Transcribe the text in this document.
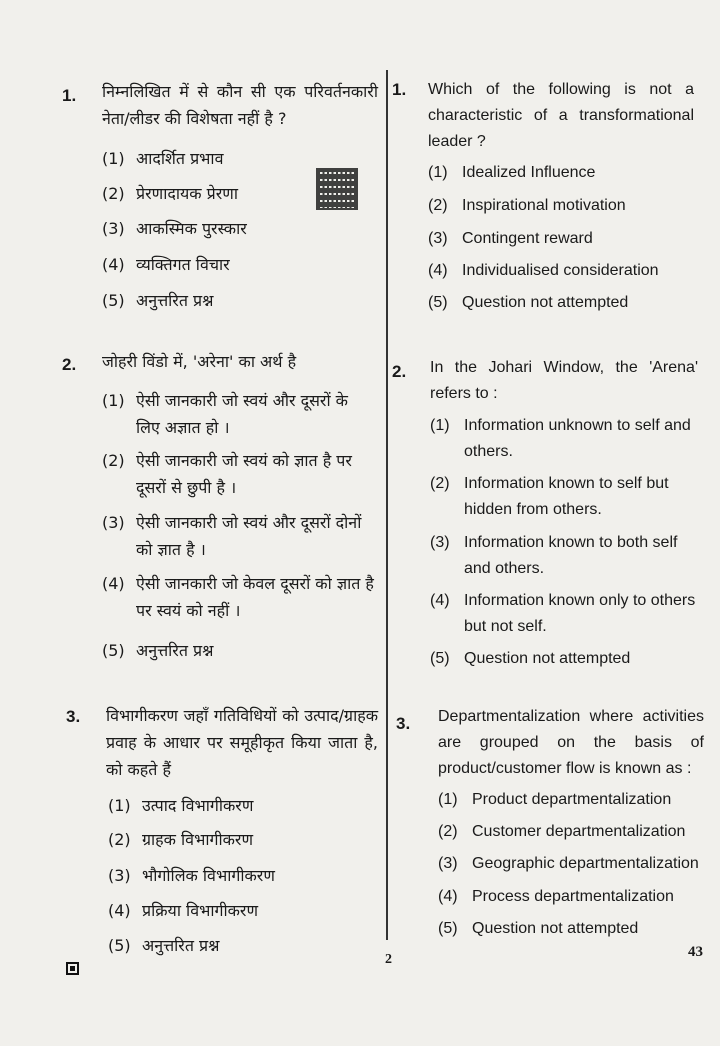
1. निम्नलिखित में से कौन सी एक परिवर्तनकारी नेता/लीडर की विशेषता नहीं है ?
(1) आदर्शित प्रभाव
(2) प्रेरणादायक प्रेरणा
(3) आकस्मिक पुरस्कार
(4) व्यक्तिगत विचार
(5) अनुत्तरित प्रश्न
1. Which of the following is not a characteristic of a transformational leader ?
(1) Idealized Influence
(2) Inspirational motivation
(3) Contingent reward
(4) Individualised consideration
(5) Question not attempted
2. जोहरी विंडो में, 'अरेना' का अर्थ है
(1) ऐसी जानकारी जो स्वयं और दूसरों के लिए अज्ञात हो ।
(2) ऐसी जानकारी जो स्वयं को ज्ञात है पर दूसरों से छुपी है ।
(3) ऐसी जानकारी जो स्वयं और दूसरों दोनों को ज्ञात है ।
(4) ऐसी जानकारी जो केवल दूसरों को ज्ञात है पर स्वयं को नहीं ।
(5) अनुत्तरित प्रश्न
2. In the Johari Window, the 'Arena' refers to :
(1) Information unknown to self and others.
(2) Information known to self but hidden from others.
(3) Information known to both self and others.
(4) Information known only to others but not self.
(5) Question not attempted
3. विभागीकरण जहाँ गतिविधियों को उत्पाद/ग्राहक प्रवाह के आधार पर समूहीकृत किया जाता है, को कहते हैं
(1) उत्पाद विभागीकरण
(2) ग्राहक विभागीकरण
(3) भौगोलिक विभागीकरण
(4) प्रक्रिया विभागीकरण
(5) अनुत्तरित प्रश्न
3. Departmentalization where activities are grouped on the basis of product/customer flow is known as :
(1) Product departmentalization
(2) Customer departmentalization
(3) Geographic departmentalization
(4) Process departmentalization
(5) Question not attempted
2	43
